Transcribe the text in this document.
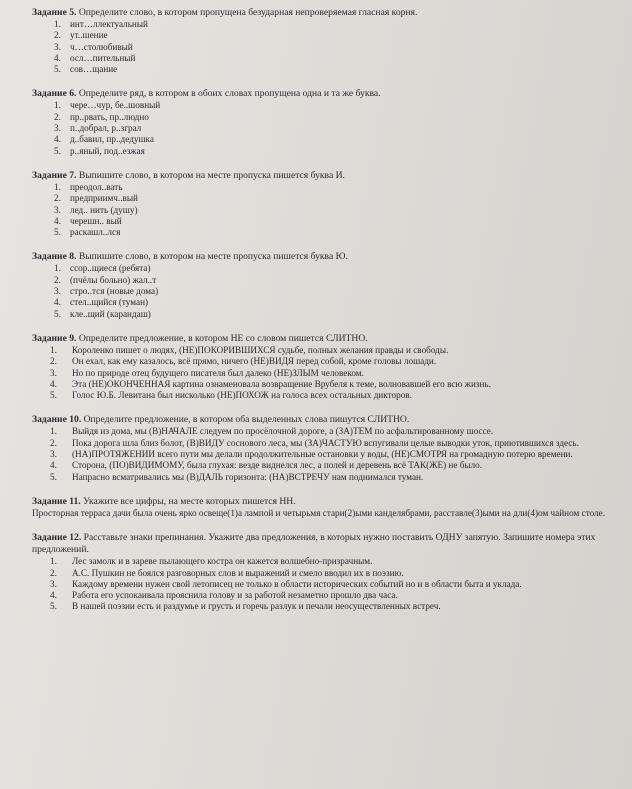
Задание 5. Определите слово, в котором пропущена безударная непроверяемая гласная корня.

1. инт…ллектуальный
2. ут..шение
3. ч…столюбивый
4. осл…пительный
5. сов…щание

Задание 6. Определите ряд, в котором в обоих словах пропущена одна и та же буква.

1. чере…чур, бе..шовный
2. пр..рвать, пр..людно
3. п..добрал, р..згрaл
4. д..бавил, пр..дедушка
5. р..яный, под..езжая

Задание 7. Выпишите слово, в котором на месте пропуска пишется буква И.

1. преодол..вать
2. предприимч..вый
3. лед.. нить (душу)
4. черешн.. вый
5. раскашл..лся

Задание 8. Выпишите слово, в котором на месте пропуска пишется буква Ю.

1. ссор..щиеся (ребята)
2. (пчёлы больно) жал..т
3. стро..тся (новые дома)
4. стел..щийся (туман)
5. кле..щий (карандаш)

Задание 9. Определите предложение, в котором НЕ со словом пишется СЛИТНО.

1.	Короленко пишет о людях, (НЕ)ПОКОРИВШИХСЯ судьбе, полных желания правды и свободы.
2.	Он ехал, как ему казалось, всё прямо, ничего (НЕ)ВИДЯ перед собой, кроме головы лошади.
3.	Но по природе отец будущего писателя был далеко (НЕ)ЗЛЫМ человеком.
4.	Эта (НЕ)ОКОНЧЕННАЯ картина ознаменовала возвращение Врубеля к теме, волновавшей его всю жизнь.
5.	Голос Ю.Б. Левитана был нисколько (НЕ)ПОХОЖ на голоса всех остальных дикторов.

Задание 10. Определите предложение, в котором оба выделенных слова пишутся СЛИТНО.

1.	Выйдя из дома, мы (В)НАЧАЛЕ следуем по просёлочной дороге, а (ЗА)ТЕМ по асфальтированному шоссе.
2.	Пока дорога шла близ болот, (В)ВИДУ соснового леса, мы (ЗА)ЧАСТУЮ вспугивали целые выводки уток, приютившихся здесь.
3.	(НА)ПРОТЯЖЕНИИ всего пути мы делали продолжительные остановки у воды, (НЕ)СМОТРЯ на громадную потерю времени.
4.	Сторона, (ПО)ВИДИМОМУ, была глухая: везде виднелся лес, а полей и деревень всё ТАК(ЖЕ) не было.
5.	Напрасно всматривались мы (В)ДАЛЬ горизонта: (НА)ВСТРЕЧУ нам поднимался туман.

Задание 11. Укажите все цифры, на месте которых пишется НН.

Просторная терраса дачи была очень ярко освеще(1)а лампой и четырьмя стари(2)ыми канделябрами, расставле(3)ыми на дли(4)ом чайном столе.

Задание 12. Расставьте знаки препинания. Укажите два предложения, в которых нужно поставить ОДНУ запятую. Запишите номера этих предложений.

1.	Лес замолк и в зареве пылающего костра он кажется волшебно-призрачным.
2.	А.С. Пушкин не боялся разговорных слов и выражений и смело вводил их в поэзию.
3.	Каждому времени нужен свой летописец не только в области исторических событий но и в области быта и уклада.
4.	Работа его успокаивала прояснила голову и за работой незаметно прошло два часа.
5.	В нашей поэзии есть и раздумье и грусть и горечь разлук и печали неосуществленных встреч.
